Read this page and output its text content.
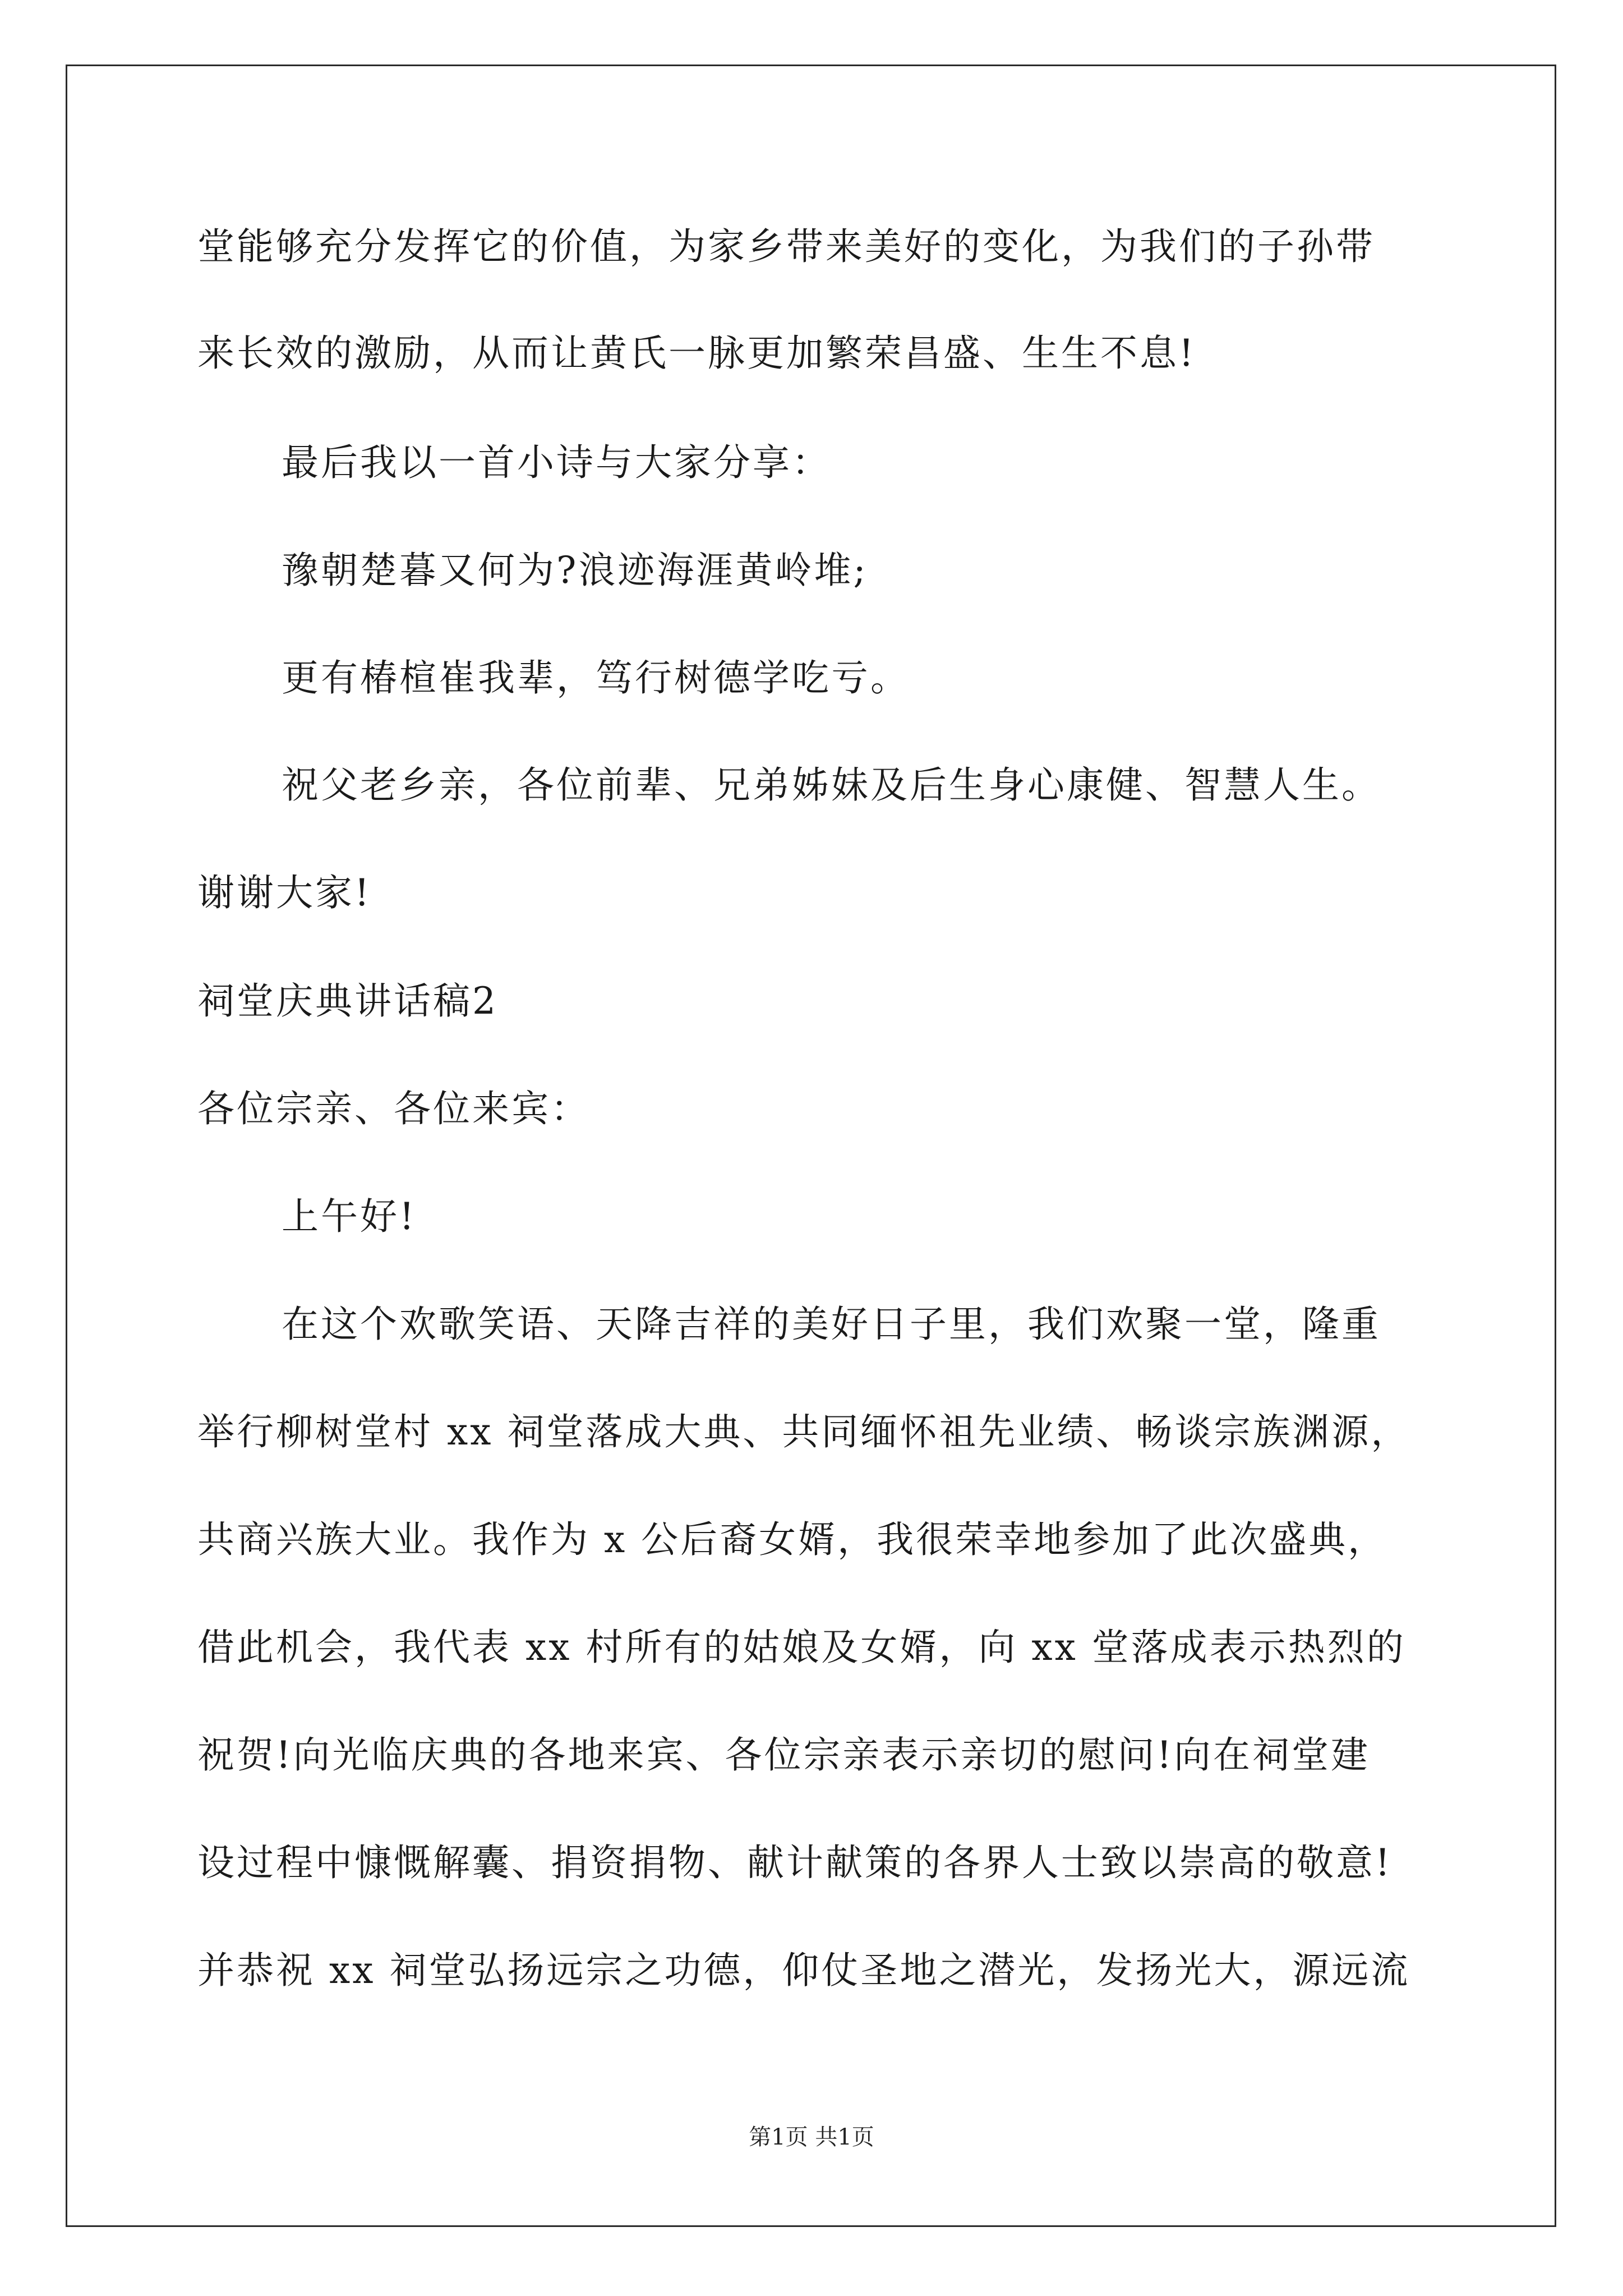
堂能够充分发挥它的价值，为家乡带来美好的变化，为我们的子孙带
来长效的激励，从而让黄氏一脉更加繁荣昌盛、生生不息!
最后我以一首小诗与大家分享：
豫朝楚暮又何为?浪迹海涯黄岭堆;
更有椿楦崔我辈，笃行树德学吃亏。
祝父老乡亲，各位前辈、兄弟姊妹及后生身心康健、智慧人生。
谢谢大家!
祠堂庆典讲话稿2
各位宗亲、各位来宾：
上午好!
在这个欢歌笑语、天降吉祥的美好日子里，我们欢聚一堂，隆重
举行柳树堂村 xx 祠堂落成大典、共同缅怀祖先业绩、畅谈宗族渊源，
共商兴族大业。我作为 x 公后裔女婿，我很荣幸地参加了此次盛典，
借此机会，我代表 xx 村所有的姑娘及女婿，向 xx 堂落成表示热烈的
祝贺!向光临庆典的各地来宾、各位宗亲表示亲切的慰问!向在祠堂建
设过程中慷慨解囊、捐资捐物、献计献策的各界人士致以崇高的敬意!
并恭祝 xx 祠堂弘扬远宗之功德，仰仗圣地之潜光，发扬光大，源远流
第1页 共1页
